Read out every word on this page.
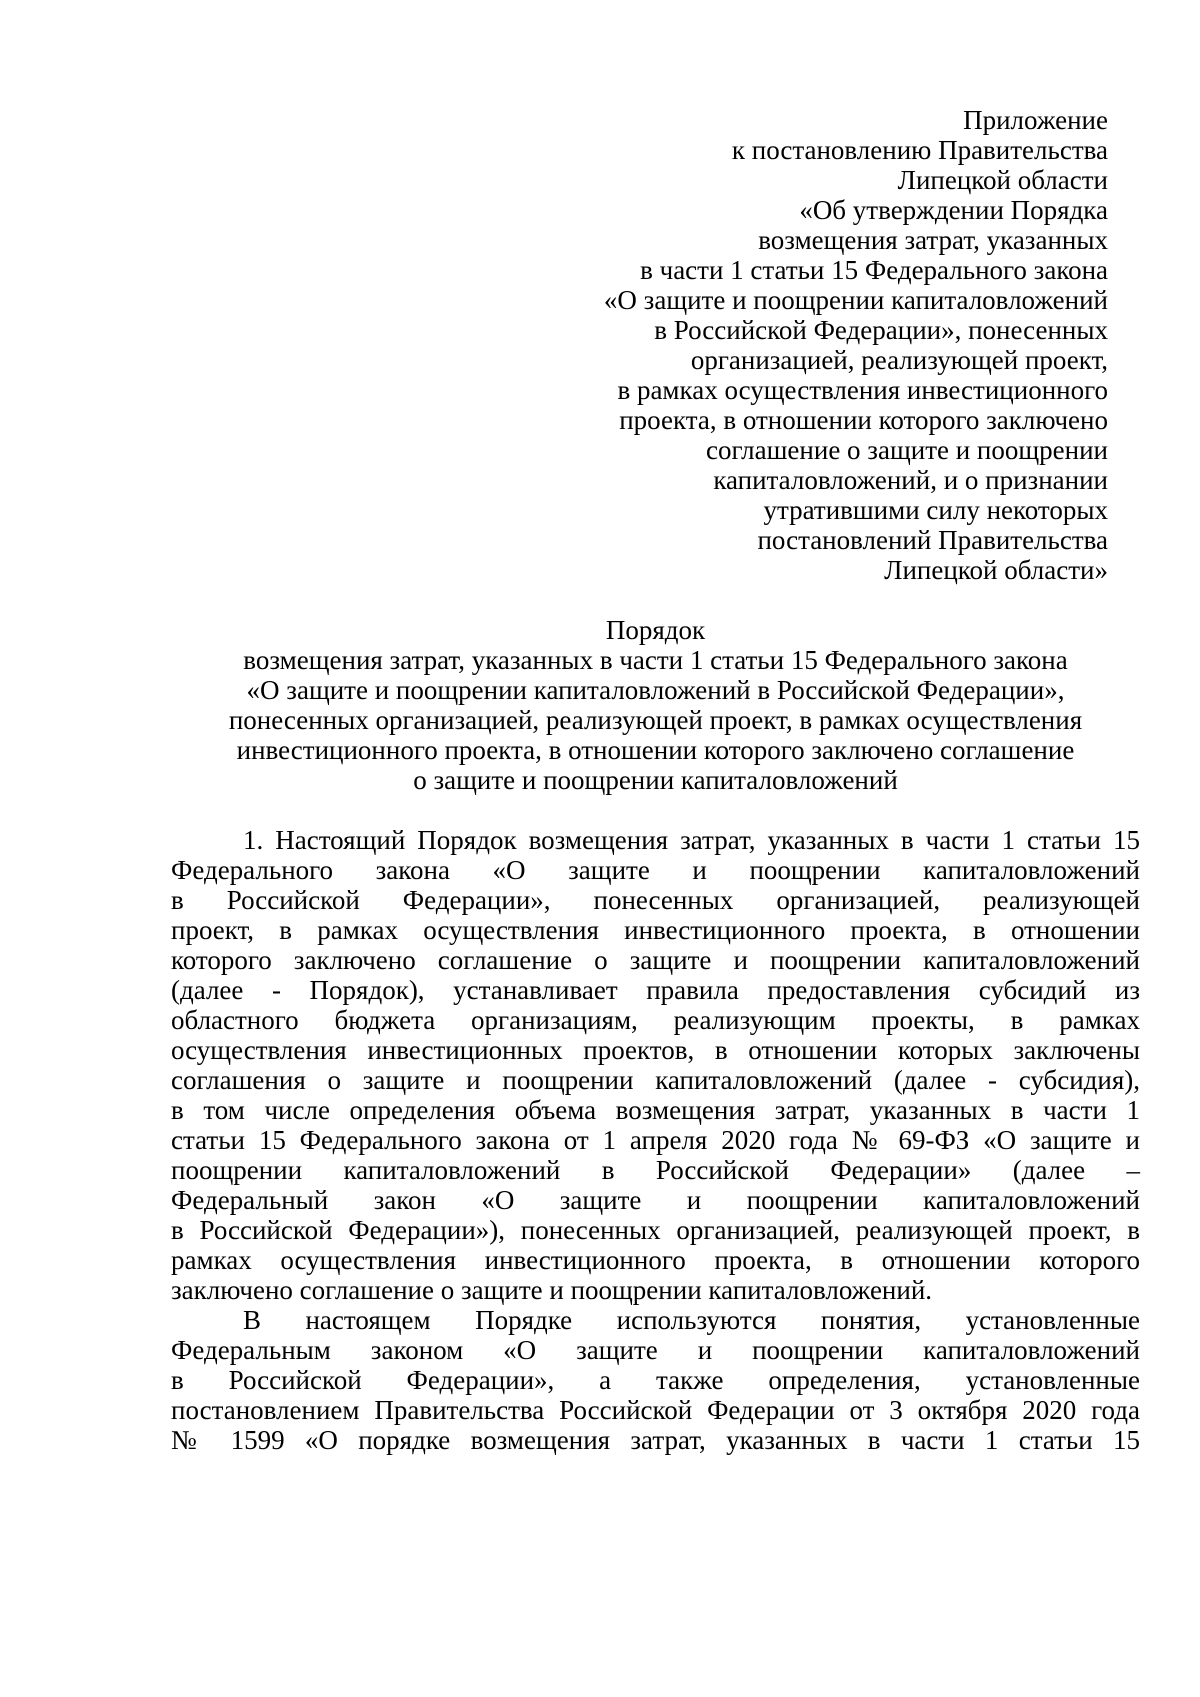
Приложение
к постановлению Правительства
Липецкой области
«Об утверждении Порядка
возмещения затрат, указанных
в части 1 статьи 15 Федерального закона
«О защите и поощрении капиталовложений
в Российской Федерации», понесенных
организацией, реализующей проект,
в рамках осуществления инвестиционного
проекта, в отношении которого заключено
соглашение о защите и поощрении
капиталовложений, и о признании
утратившими силу некоторых
постановлений Правительства
Липецкой области»
Порядок
возмещения затрат, указанных в части 1 статьи 15 Федерального закона
«О защите и поощрении капиталовложений в Российской Федерации»,
понесенных организацией, реализующей проект, в рамках осуществления
инвестиционного проекта, в отношении которого заключено соглашение
о защите и поощрении капиталовложений
1. Настоящий Порядок возмещения затрат, указанных в части 1 статьи 15
Федерального закона «О защите и поощрении капиталовложений
в Российской Федерации», понесенных организацией, реализующей
проект, в рамках осуществления инвестиционного проекта, в отношении
которого заключено соглашение о защите и поощрении капиталовложений
(далее - Порядок), устанавливает правила предоставления субсидий из
областного бюджета организациям, реализующим проекты, в рамках
осуществления инвестиционных проектов, в отношении которых заключены
соглашения о защите и поощрении капиталовложений (далее - субсидия),
в том числе определения объема возмещения затрат, указанных в части 1
статьи 15 Федерального закона от 1 апреля 2020 года № 69-ФЗ «О защите и
поощрении капиталовложений в Российской Федерации» (далее –
Федеральный закон «О защите и поощрении капиталовложений
в Российской Федерации»), понесенных организацией, реализующей проект, в
рамках осуществления инвестиционного проекта, в отношении которого
заключено соглашение о защите и поощрении капиталовложений.
В настоящем Порядке используются понятия, установленные
Федеральным законом «О защите и поощрении капиталовложений
в Российской Федерации», а также определения, установленные
постановлением Правительства Российской Федерации от 3 октября 2020 года
№ 1599 «О порядке возмещения затрат, указанных в части 1 статьи 15
